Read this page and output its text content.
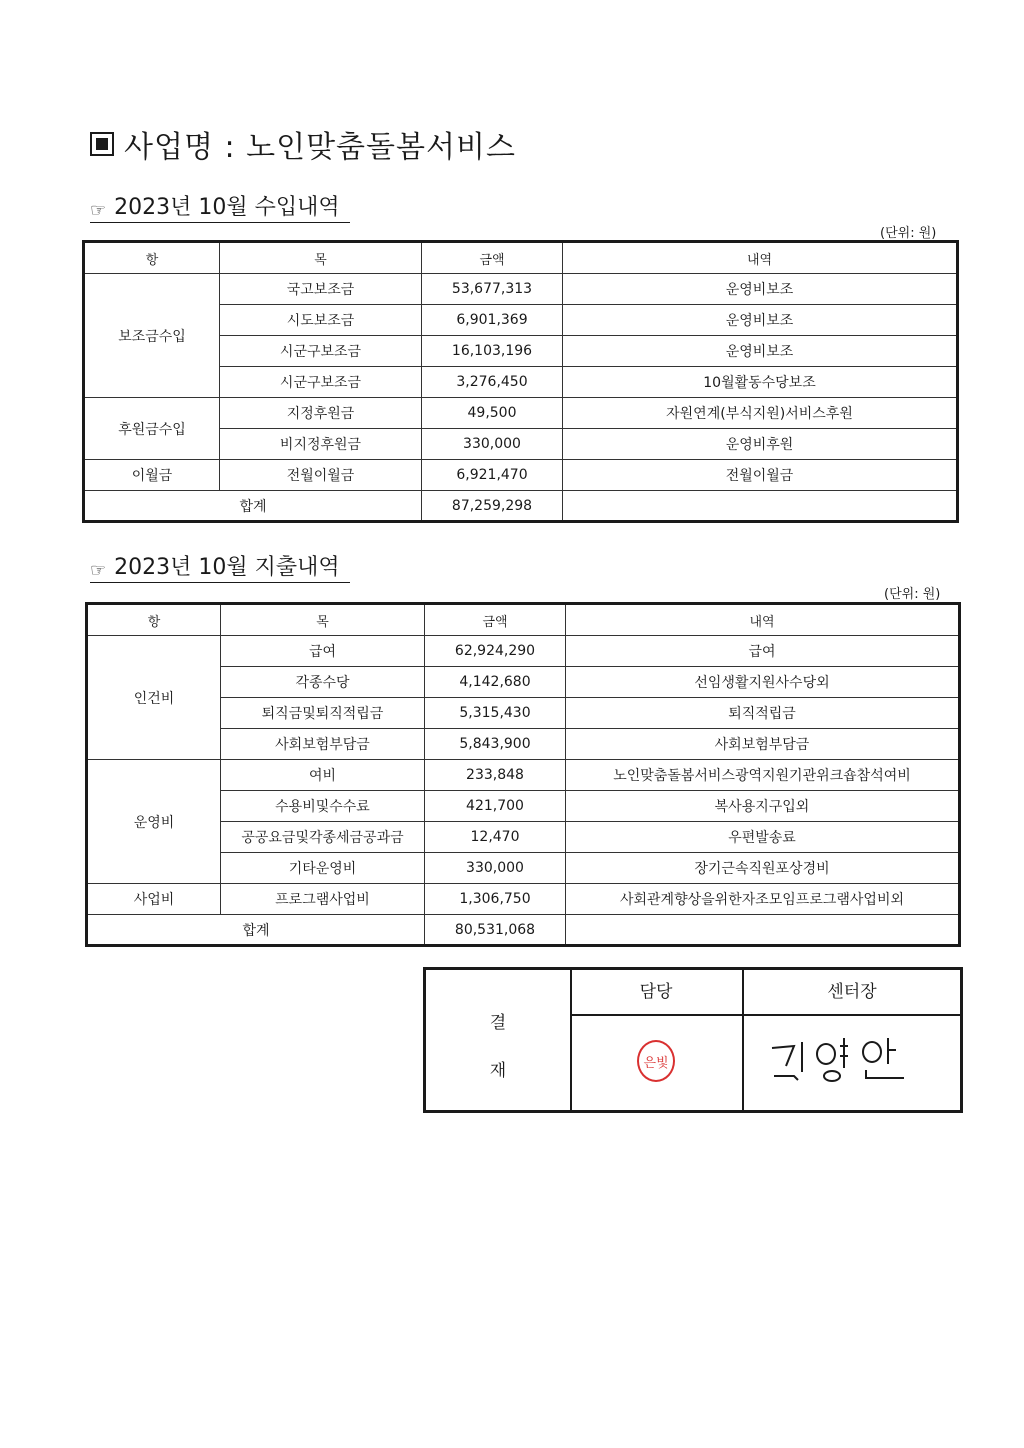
사업명 : 노인맞춤돌봄서비스
☞ 2023년 10월 수입내역
(단위: 원)
항	목	금액	내역
보조금수입	국고보조금	53,677,313	운영비보조
	시도보조금	6,901,369	운영비보조
	시군구보조금	16,103,196	운영비보조
	시군구보조금	3,276,450	10월활동수당보조
후원금수입	지정후원금	49,500	자원연계(부식지원)서비스후원
	비지정후원금	330,000	운영비후원
이월금	전월이월금	6,921,470	전월이월금
합계		87,259,298	
☞ 2023년 10월 지출내역
(단위: 원)
항	목	금액	내역
인건비	급여	62,924,290	급여
	각종수당	4,142,680	선임생활지원사수당외
	퇴직금및퇴직적립금	5,315,430	퇴직적립금
	사회보험부담금	5,843,900	사회보험부담금
운영비	여비	233,848	노인맞춤돌봄서비스광역지원기관위크숍참석여비
	수용비및수수료	421,700	복사용지구입외
	공공요금및각종세금공과금	12,470	우편발송료
	기타운영비	330,000	장기근속직원포상경비
사업비	프로그램사업비	1,306,750	사회관계향상을위한자조모임프로그램사업비외
합계		80,531,068	
결
재
담당
은빛
센터장
